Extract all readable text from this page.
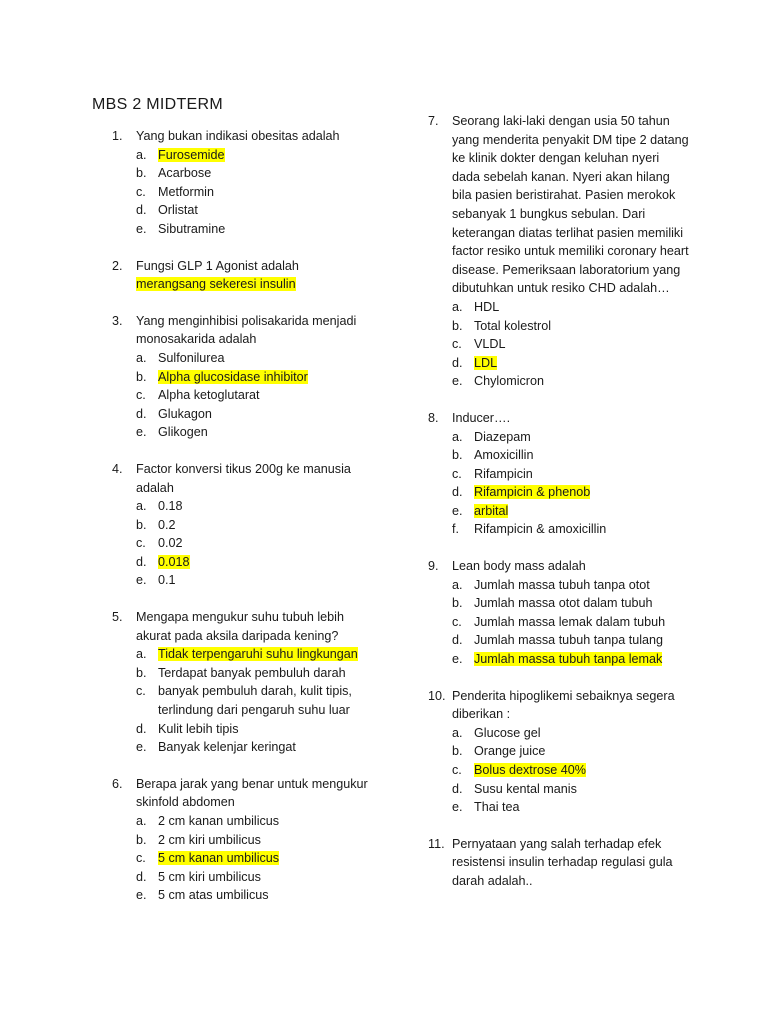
MBS 2 MIDTERM
1. Yang bukan indikasi obesitas adalah
a. Furosemide
b. Acarbose
c. Metformin
d. Orlistat
e. Sibutramine
2. Fungsi GLP 1 Agonist adalah
merangsang sekeresi insulin
3. Yang menginhibisi polisakarida menjadi monosakarida adalah
a. Sulfonilurea
b. Alpha glucosidase inhibitor
c. Alpha ketoglutarat
d. Glukagon
e. Glikogen
4. Factor konversi tikus 200g ke manusia adalah
a. 0.18
b. 0.2
c. 0.02
d. 0.018
e. 0.1
5. Mengapa mengukur suhu tubuh lebih akurat pada aksila daripada kening?
a. Tidak terpengaruhi suhu lingkungan
b. Terdapat banyak pembuluh darah
c. banyak pembuluh darah, kulit tipis, terlindung dari pengaruh suhu luar
d. Kulit lebih tipis
e. Banyak kelenjar keringat
6. Berapa jarak yang benar untuk mengukur skinfold abdomen
a. 2 cm kanan umbilicus
b. 2 cm kiri umbilicus
c. 5 cm kanan umbilicus
d. 5 cm kiri umbilicus
e. 5 cm atas umbilicus
7. Seorang laki-laki dengan usia 50 tahun yang menderita penyakit DM tipe 2 datang ke klinik dokter dengan keluhan nyeri dada sebelah kanan. Nyeri akan hilang bila pasien beristirahat. Pasien merokok sebanyak 1 bungkus sebulan. Dari keterangan diatas terlihat pasien memiliki factor resiko untuk memiliki coronary heart disease. Pemeriksaan laboratorium yang dibutuhkan untuk resiko CHD adalah…
a. HDL
b. Total kolestrol
c. VLDL
d. LDL
e. Chylomicron
8. Inducer….
a. Diazepam
b. Amoxicillin
c. Rifampicin
d. Rifampicin & phenob
e. arbital
f. Rifampicin & amoxicillin
9. Lean body mass adalah
a. Jumlah massa tubuh tanpa otot
b. Jumlah massa otot dalam tubuh
c. Jumlah massa lemak dalam tubuh
d. Jumlah massa tubuh tanpa tulang
e. Jumlah massa tubuh tanpa lemak
10. Penderita hipoglikemi sebaiknya segera diberikan :
a. Glucose gel
b. Orange juice
c. Bolus dextrose 40%
d. Susu kental manis
e. Thai tea
11. Pernyataan yang salah terhadap efek resistensi insulin terhadap regulasi gula darah adalah..
